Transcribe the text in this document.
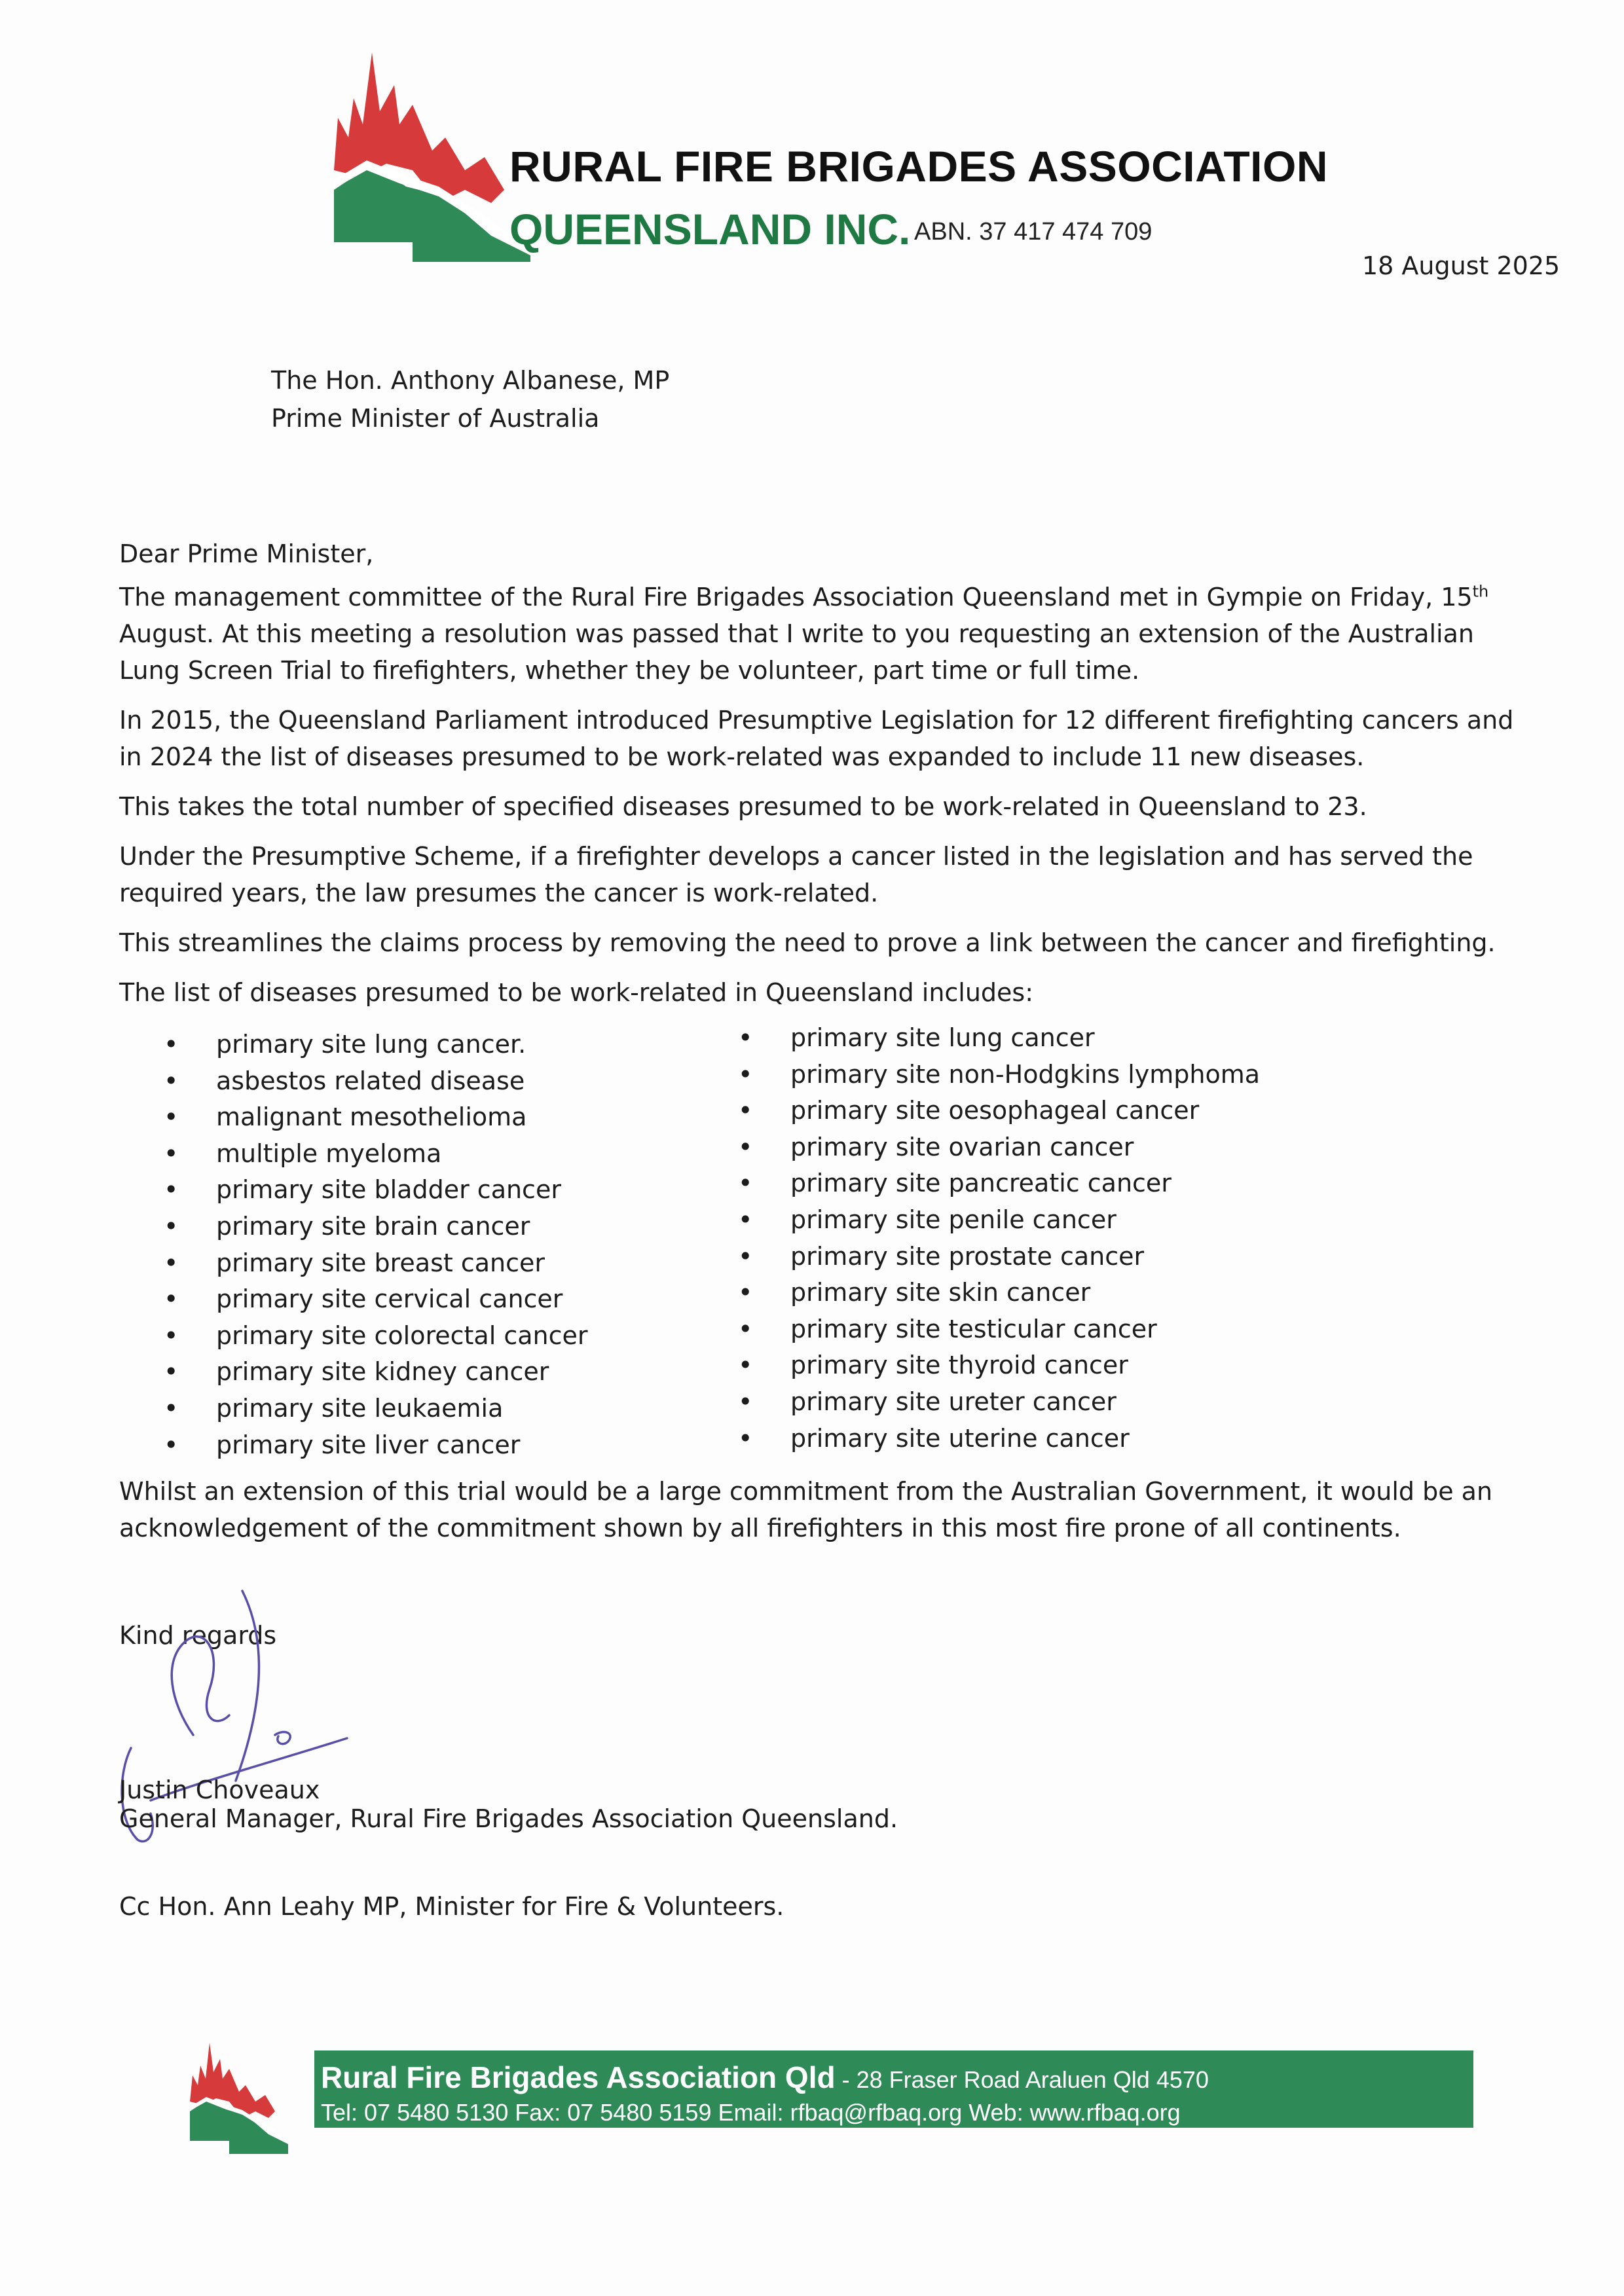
RURAL FIRE BRIGADES ASSOCIATION
QUEENSLAND INC. ABN. 37 417 474 709
18 August 2025
The Hon. Anthony Albanese, MP
Prime Minister of Australia

Dear Prime Minister,

The management committee of the Rural Fire Brigades Association Queensland met in Gympie on Friday, 15th August. At this meeting a resolution was passed that I write to you requesting an extension of the Australian Lung Screen Trial to firefighters, whether they be volunteer, part time or full time.

In 2015, the Queensland Parliament introduced Presumptive Legislation for 12 different firefighting cancers and in 2024 the list of diseases presumed to be work-related was expanded to include 11 new diseases.

This takes the total number of specified diseases presumed to be work-related in Queensland to 23.

Under the Presumptive Scheme, if a firefighter develops a cancer listed in the legislation and has served the required years, the law presumes the cancer is work-related.

This streamlines the claims process by removing the need to prove a link between the cancer and firefighting.

The list of diseases presumed to be work-related in Queensland includes:

• primary site lung cancer.
• asbestos related disease
• malignant mesothelioma
• multiple myeloma
• primary site bladder cancer
• primary site brain cancer
• primary site breast cancer
• primary site cervical cancer
• primary site colorectal cancer
• primary site kidney cancer
• primary site leukaemia
• primary site liver cancer
• primary site lung cancer
• primary site non-Hodgkins lymphoma
• primary site oesophageal cancer
• primary site ovarian cancer
• primary site pancreatic cancer
• primary site penile cancer
• primary site prostate cancer
• primary site skin cancer
• primary site testicular cancer
• primary site thyroid cancer
• primary site ureter cancer
• primary site uterine cancer
Whilst an extension of this trial would be a large commitment from the Australian Government, it would be an acknowledgement of the commitment shown by all firefighters in this most fire prone of all continents.
Kind regards
Justin Choveaux
General Manager, Rural Fire Brigades Association Queensland.
Cc Hon. Ann Leahy MP, Minister for Fire & Volunteers.
Rural Fire Brigades Association Qld - 28 Fraser Road Araluen Qld 4570
Tel: 07 5480 5130 Fax: 07 5480 5159 Email: rfbaq@rfbaq.org Web: www.rfbaq.org
